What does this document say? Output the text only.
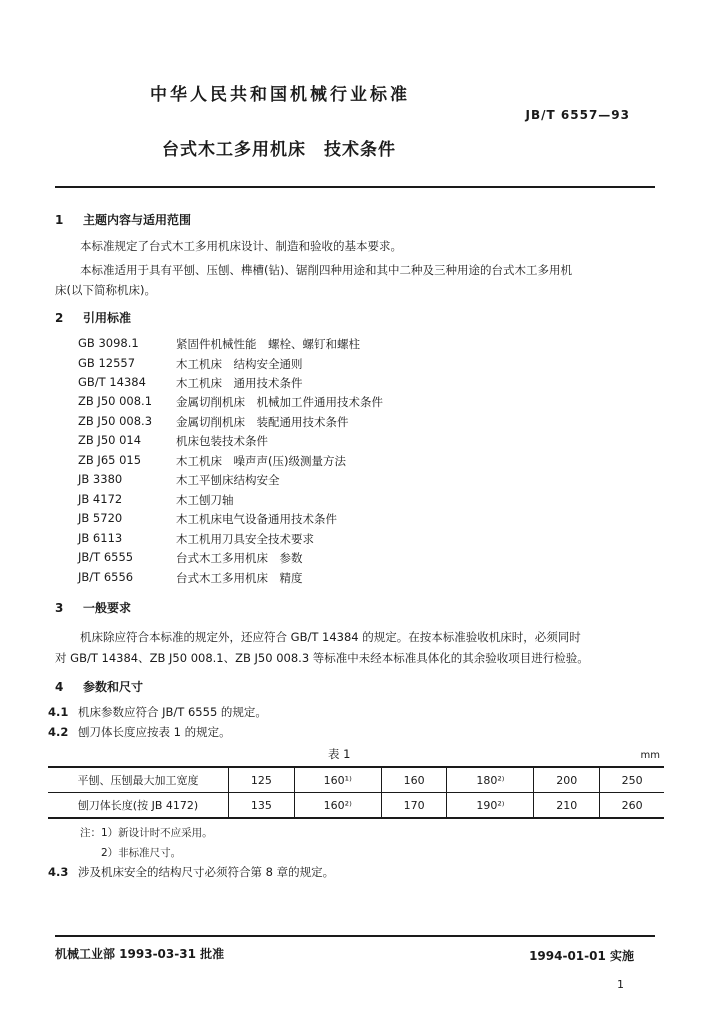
中华人民共和国机械行业标准
JB/T 6557—93
台式木工多用机床　技术条件
1 主题内容与适用范围
本标准规定了台式木工多用机床设计、制造和验收的基本要求。
本标准适用于具有平刨、压刨、榫槽(钻)、锯削四种用途和其中二种及三种用途的台式木工多用机
床(以下简称机床)。
2 引用标准
GB 3098.1	紧固件机械性能　螺栓、螺钉和螺柱
GB 12557	木工机床　结构安全通则
GB/T 14384	木工机床　通用技术条件
ZB J50 008.1 金属切削机床　机械加工件通用技术条件
ZB J50 008.3 金属切削机床　装配通用技术条件
ZB J50 014	机床包装技术条件
ZB J65 015	木工机床　噪声声(压)级测量方法
JB 3380	木工平刨床结构安全
JB 4172	木工刨刀轴
JB 5720	木工机床电气设备通用技术条件
JB 6113	木工机用刀具安全技术要求
JB/T 6555	台式木工多用机床　参数
JB/T 6556	台式木工多用机床　精度
3 一般要求
机床除应符合本标准的规定外，还应符合 GB/T 14384 的规定。在按本标准验收机床时，必须同时
对 GB/T 14384、ZB J50 008.1、ZB J50 008.3 等标准中未经本标准具体化的其余验收项目进行检验。
4 参数和尺寸
4.1 机床参数应符合 JB/T 6555 的规定。
4.2 刨刀体长度应按表 1 的规定。
表 1	mm
平刨、压刨最大加工宽度	125	160¹⁾	160	180²⁾	200	250
刨刀体长度(按 JB 4172)	135	160²⁾	170	190²⁾	210	260
注：1）新设计时不应采用。
2）非标准尺寸。
4.3 涉及机床安全的结构尺寸必须符合第 8 章的规定。
机械工业部 1993-03-31 批准	1994-01-01 实施
1
